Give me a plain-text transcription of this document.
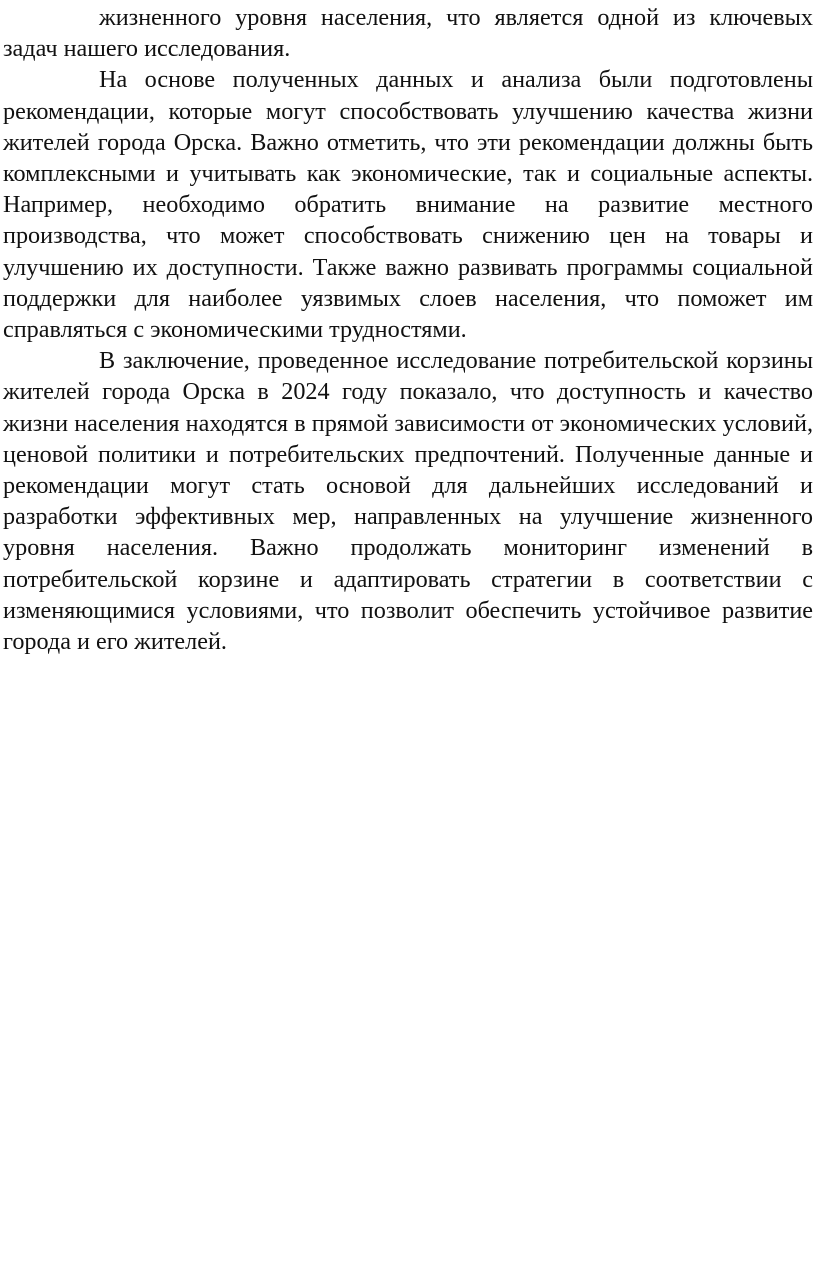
жизненного уровня населения, что является одной из ключевых задач нашего исследования.

На основе полученных данных и анализа были подготовлены рекомендации, которые могут способствовать улучшению качества жизни жителей города Орска. Важно отметить, что эти рекомендации должны быть комплексными и учитывать как экономические, так и социальные аспекты. Например, необходимо обратить внимание на развитие местного производства, что может способствовать снижению цен на товары и улучшению их доступности. Также важно развивать программы социальной поддержки для наиболее уязвимых слоев населения, что поможет им справляться с экономическими трудностями.

В заключение, проведенное исследование потребительской корзины жителей города Орска в 2024 году показало, что доступность и качество жизни населения находятся в прямой зависимости от экономических условий, ценовой политики и потребительских предпочтений. Полученные данные и рекомендации могут стать основой для дальнейших исследований и разработки эффективных мер, направленных на улучшение жизненного уровня населения. Важно продолжать мониторинг изменений в потребительской корзине и адаптировать стратегии в соответствии с изменяющимися условиями, что позволит обеспечить устойчивое развитие города и его жителей.
